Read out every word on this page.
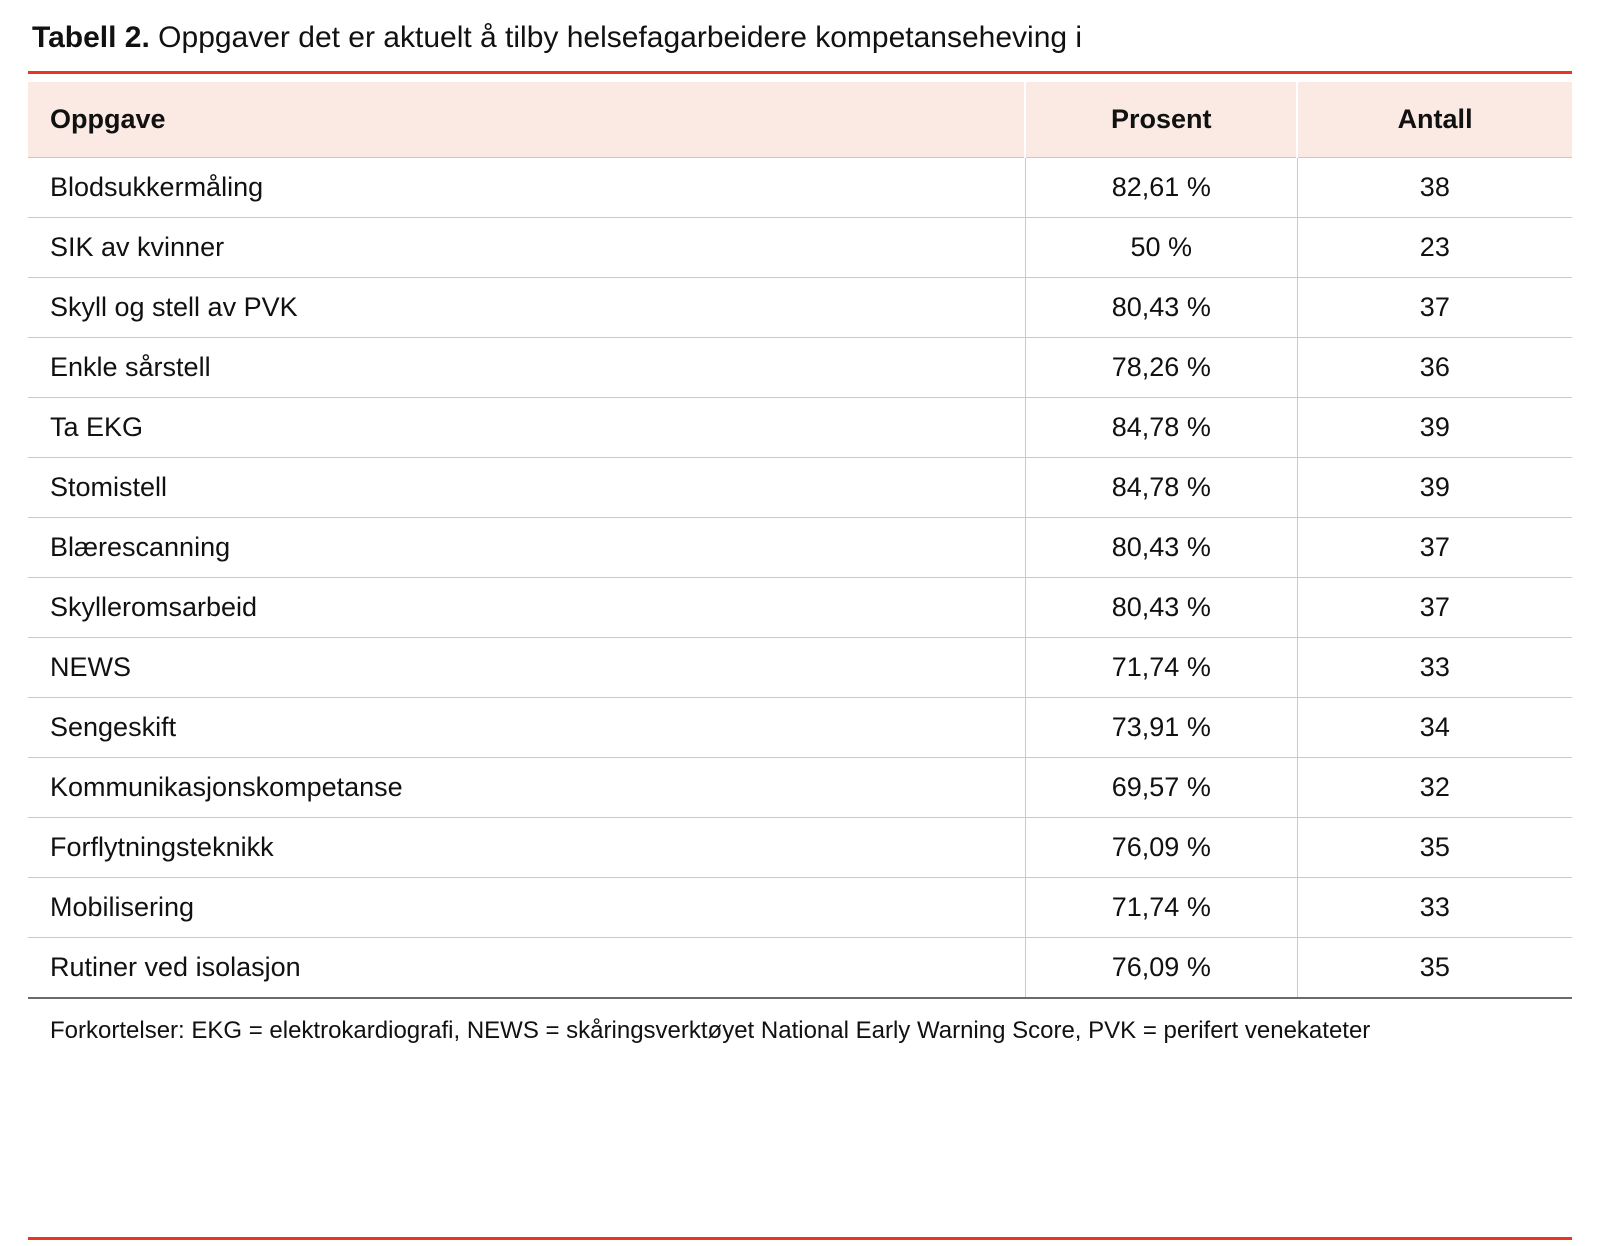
Tabell 2. Oppgaver det er aktuelt å tilby helsefagarbeidere kompetanseheving i
Oppgave	Prosent	Antall
Blodsukkermåling	82,61 %	38
SIK av kvinner	50 %	23
Skyll og stell av PVK	80,43 %	37
Enkle sårstell	78,26 %	36
Ta EKG	84,78 %	39
Stomistell	84,78 %	39
Blærescanning	80,43 %	37
Skylleromsarbeid	80,43 %	37
NEWS	71,74 %	33
Sengeskift	73,91 %	34
Kommunikasjonskompetanse	69,57 %	32
Forflytningsteknikk	76,09 %	35
Mobilisering	71,74 %	33
Rutiner ved isolasjon	76,09 %	35
Forkortelser: EKG = elektrokardiografi, NEWS = skåringsverktøyet National Early Warning Score, PVK = perifert venekateter
